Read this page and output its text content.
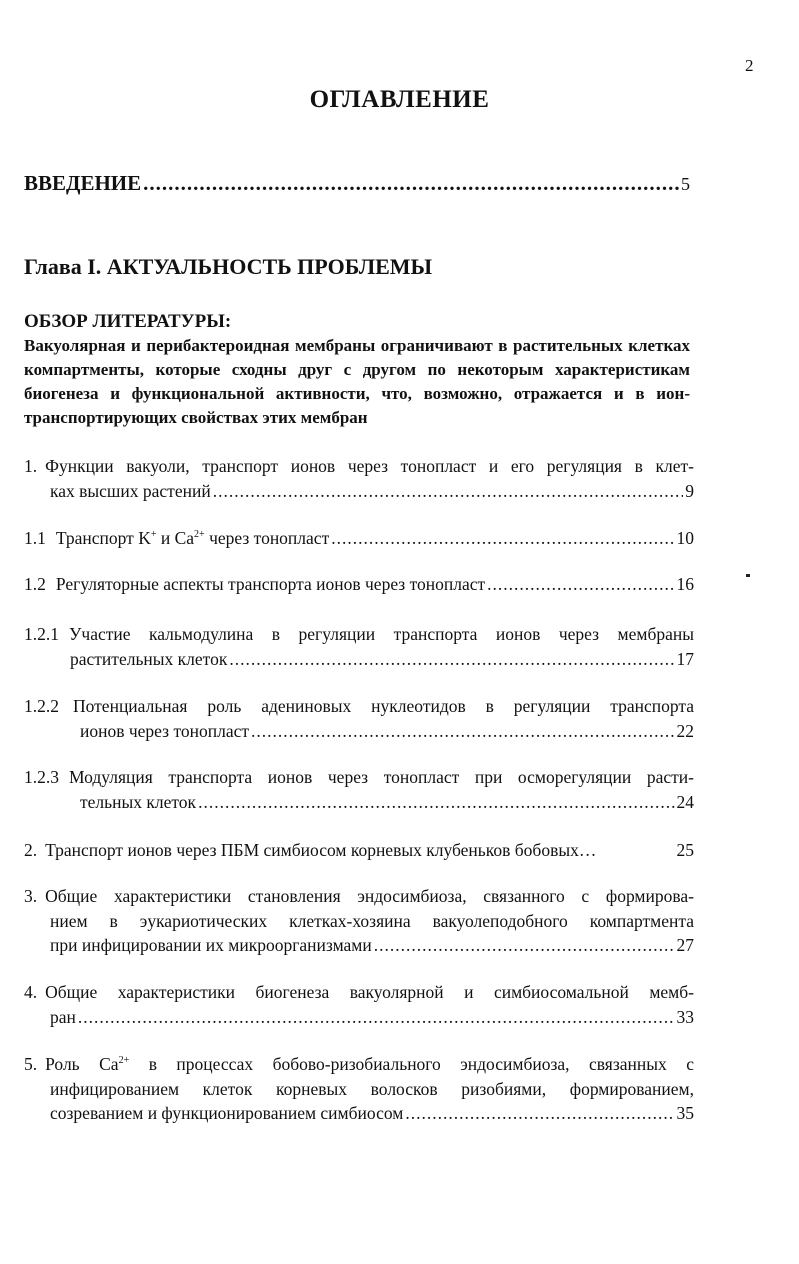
2
ОГЛАВЛЕНИЕ
ВВЕДЕНИЕ .....	5
Глава I. АКТУАЛЬНОСТЬ ПРОБЛЕМЫ
ОБЗОР ЛИТЕРАТУРЫ:
Вакуолярная и перибактероидная мембраны ограничивают в растительных клетках компартменты, которые сходны друг с другом по некоторым характеристикам биогенеза и функциональной активности, что, возможно, отражается и в ион-транспортирующих свойствах этих мембран
1. Функции вакуоли, транспорт ионов через тонопласт и его регуляция в клет-
ках высших растений .....	9
1.1 Транспорт K+ и $Ca^{2+}$ через тонопласт .....	10
1.2 Регуляторные аспекты транспорта ионов через тонопласт .....	16
1.2.1 Участие кальмодулина в регуляции транспорта ионов через мембраны
растительных клеток .....	17
1.2.2 Потенциальная роль адениновых нуклеотидов в регуляции транспорта
ионов через тонопласт .....	22
1.2.3 Модуляция транспорта ионов через тонопласт при осморегуляции расти-
тельных клеток .....	24
2. Транспорт ионов через ПБМ симбиосом корневых клубеньков бобовых…	25
3. Общие характеристики становления эндосимбиоза, связанного с формирова-
нием в эукариотических клетках-хозяина вакуолеподобного компартмента
при инфицировании их микроорганизмами .....	27
4. Общие характеристики биогенеза вакуолярной и симбиосомальной мемб-
ран .....	33
5. Роль $Ca^{2+}$ в процессах бобово-ризобиального эндосимбиоза, связанных с
инфицированием клеток корневых волосков ризобиями, формированием,
созреванием и функционированием симбиосом .....	35
